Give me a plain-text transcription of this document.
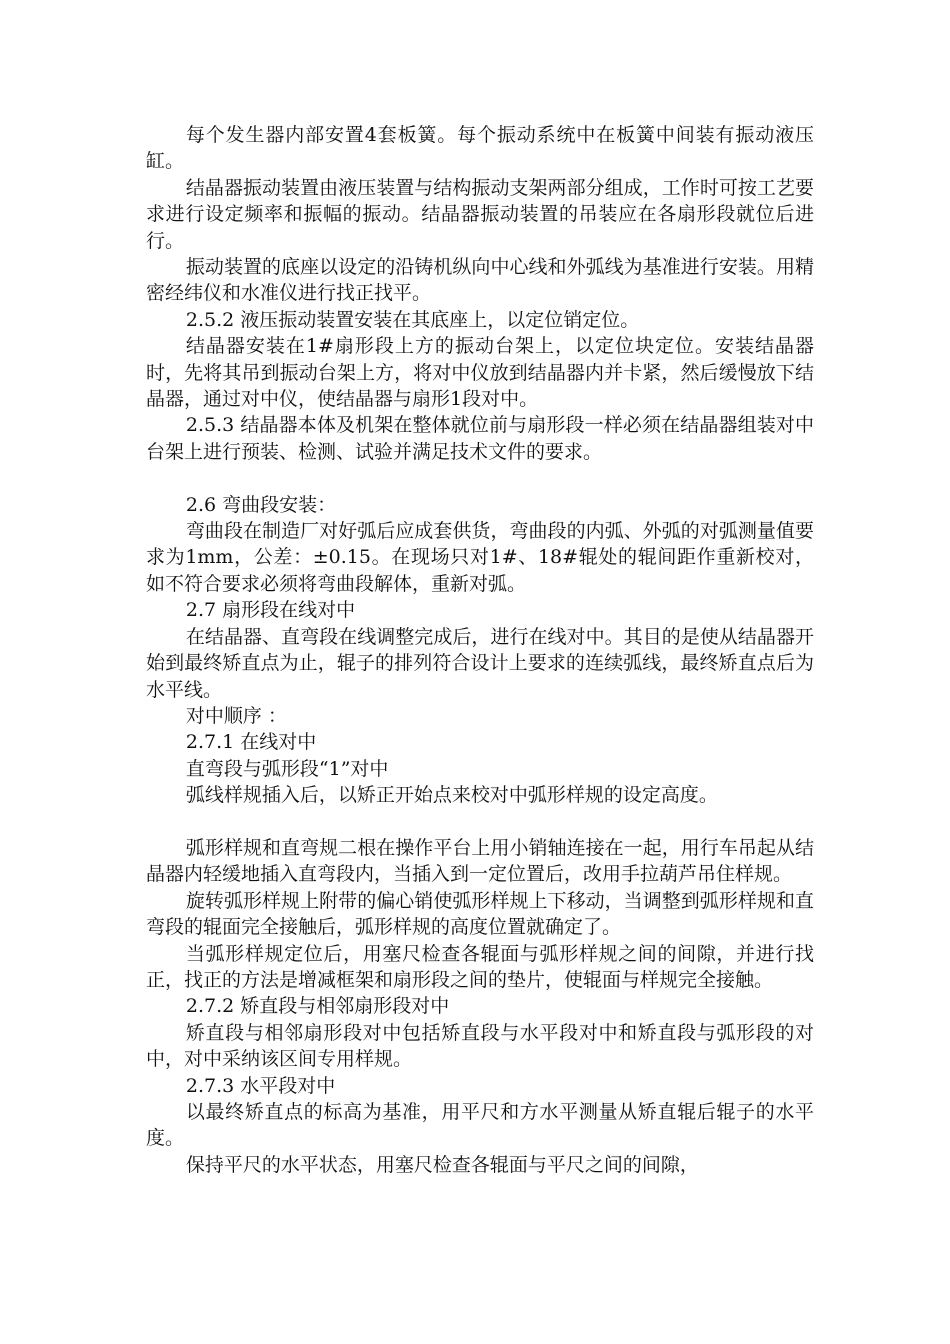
每个发生器内部安置4套板簧。每个振动系统中在板簧中间装有振动液压缸。

结晶器振动装置由液压装置与结构振动支架两部分组成，工作时可按工艺要求进行设定频率和振幅的振动。结晶器振动装置的吊装应在各扇形段就位后进行。

振动装置的底座以设定的沿铸机纵向中心线和外弧线为基准进行安装。用精密经纬仪和水准仪进行找正找平。

2.5.2 液压振动装置安装在其底座上，以定位销定位。

结晶器安装在1#扇形段上方的振动台架上，以定位块定位。安装结晶器时，先将其吊到振动台架上方，将对中仪放到结晶器内并卡紧，然后缓慢放下结晶器，通过对中仪，使结晶器与扇形1段对中。

2.5.3 结晶器本体及机架在整体就位前与扇形段一样必须在结晶器组装对中台架上进行预装、检测、试验并满足技术文件的要求。

2.6 弯曲段安装：

弯曲段在制造厂对好弧后应成套供货，弯曲段的内弧、外弧的对弧测量值要求为1mm，公差：±0.15。在现场只对1#、18#辊处的辊间距作重新校对，如不符合要求必须将弯曲段解体，重新对弧。

2.7 扇形段在线对中

在结晶器、直弯段在线调整完成后，进行在线对中。其目的是使从结晶器开始到最终矫直点为止，辊子的排列符合设计上要求的连续弧线，最终矫直点后为水平线。

对中顺序 ：

2.7.1 在线对中

直弯段与弧形段“1”对中

弧线样规插入后，以矫正开始点来校对中弧形样规的设定高度。

弧形样规和直弯规二根在操作平台上用小销轴连接在一起，用行车吊起从结晶器内轻缓地插入直弯段内，当插入到一定位置后，改用手拉葫芦吊住样规。

旋转弧形样规上附带的偏心销使弧形样规上下移动，当调整到弧形样规和直弯段的辊面完全接触后，弧形样规的高度位置就确定了。

当弧形样规定位后，用塞尺检查各辊面与弧形样规之间的间隙，并进行找正，找正的方法是增减框架和扇形段之间的垫片，使辊面与样规完全接触。

2.7.2 矫直段与相邻扇形段对中

矫直段与相邻扇形段对中包括矫直段与水平段对中和矫直段与弧形段的对中，对中采纳该区间专用样规。

2.7.3 水平段对中

以最终矫直点的标高为基准，用平尺和方水平测量从矫直辊后辊子的水平度。

保持平尺的水平状态，用塞尺检查各辊面与平尺之间的间隙，
